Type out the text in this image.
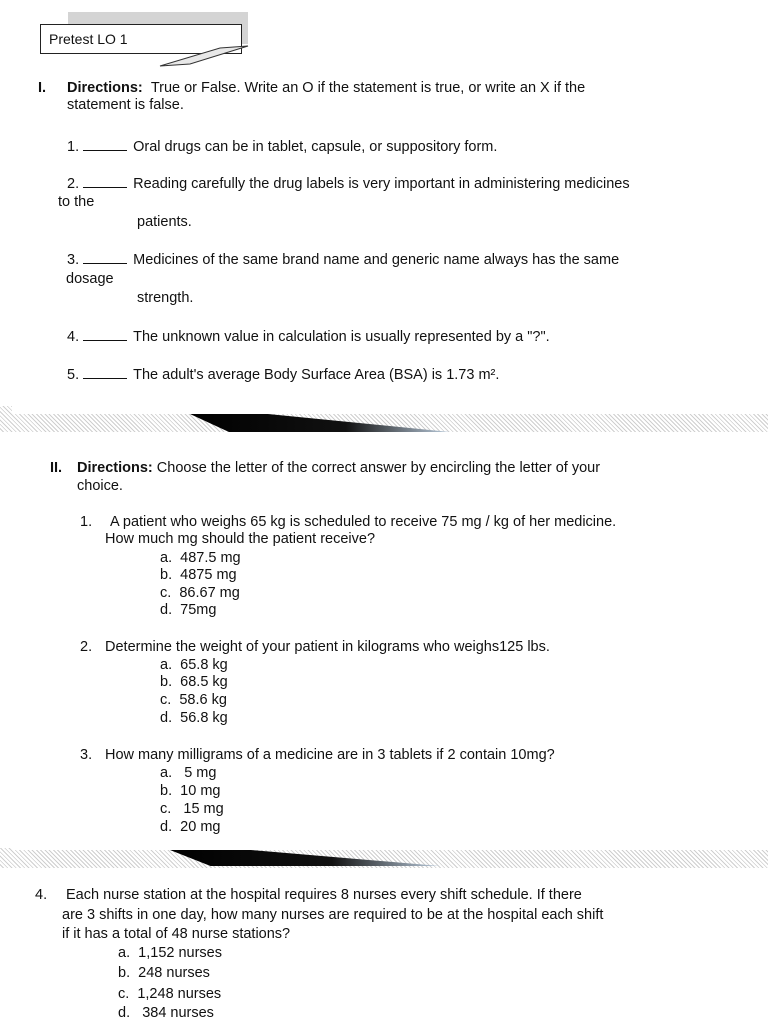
Pretest LO 1
I. Directions: True or False. Write an O if the statement is true, or write an X if the
statement is false.
1.	Oral drugs can be in tablet, capsule, or suppository form.
2.	Reading carefully the drug labels is very important in administering medicines
to the
patients.
3.	Medicines of the same brand name and generic name always has the same
dosage
strength.
4.	The unknown value in calculation is usually represented by a "?".
5.	The adult's average Body Surface Area (BSA) is 1.73 m².
II. Directions: Choose the letter of the correct answer by encircling the letter of your
choice.
1. A patient who weighs 65 kg is scheduled to receive 75 mg / kg of her medicine.
How much mg should the patient receive?
a. 487.5 mg
b. 4875 mg
c. 86.67 mg
d. 75mg
2. Determine the weight of your patient in kilograms who weighs125 lbs.
a. 65.8 kg
b. 68.5 kg
c. 58.6 kg
d. 56.8 kg
3. How many milligrams of a medicine are in 3 tablets if 2 contain 10mg?
a. 5 mg
b. 10 mg
c. 15 mg
d. 20 mg
4. Each nurse station at the hospital requires 8 nurses every shift schedule. If there
are 3 shifts in one day, how many nurses are required to be at the hospital each shift
if it has a total of 48 nurse stations?
a. 1,152 nurses
b. 248 nurses
c. 1,248 nurses
d. 384 nurses
